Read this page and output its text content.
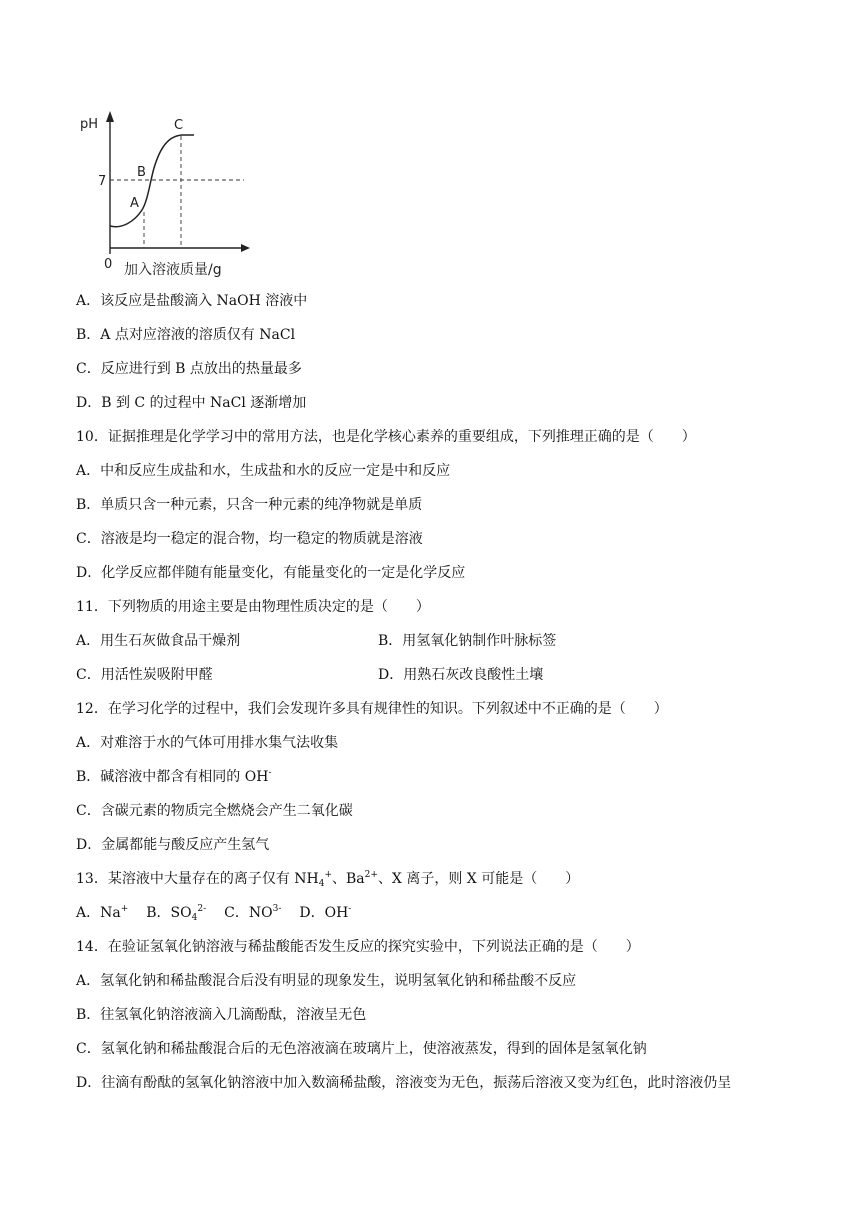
pH
7
0
A
B
C
加入溶液质量/g
A．该反应是盐酸滴入 NaOH 溶液中
B．A 点对应溶液的溶质仅有 NaCl
C．反应进行到 B 点放出的热量最多
D．B 到 C 的过程中 NaCl 逐渐增加
10．证据推理是化学学习中的常用方法，也是化学核心素养的重要组成，下列推理正确的是（　　）
A．中和反应生成盐和水，生成盐和水的反应一定是中和反应
B．单质只含一种元素，只含一种元素的纯净物就是单质
C．溶液是均一稳定的混合物，均一稳定的物质就是溶液
D．化学反应都伴随有能量变化，有能量变化的一定是化学反应
11．下列物质的用途主要是由物理性质决定的是（　　）
A．用生石灰做食品干燥剂	B．用氢氧化钠制作叶脉标签
C．用活性炭吸附甲醛	D．用熟石灰改良酸性土壤
12．在学习化学的过程中，我们会发现许多具有规律性的知识。下列叙述中不正确的是（　　）
A．对难溶于水的气体可用排水集气法收集
B．碱溶液中都含有相同的 OH-
C．含碳元素的物质完全燃烧会产生二氧化碳
D．金属都能与酸反应产生氢气
13．某溶液中大量存在的离子仅有 $NH_4^+$、$Ba^{2+}$、X 离子，则 X 可能是（　　）
A．Na+ B．$SO_4^{2-}$ C．$NO^{3-}$ D．OH-
14．在验证氢氧化钠溶液与稀盐酸能否发生反应的探究实验中，下列说法正确的是（　　）
A．氢氧化钠和稀盐酸混合后没有明显的现象发生，说明氢氧化钠和稀盐酸不反应
B．往氢氧化钠溶液滴入几滴酚酞，溶液呈无色
C．氢氧化钠和稀盐酸混合后的无色溶液滴在玻璃片上，使溶液蒸发，得到的固体是氢氧化钠
D．往滴有酚酞的氢氧化钠溶液中加入数滴稀盐酸，溶液变为无色，振荡后溶液又变为红色，此时溶液仍呈
